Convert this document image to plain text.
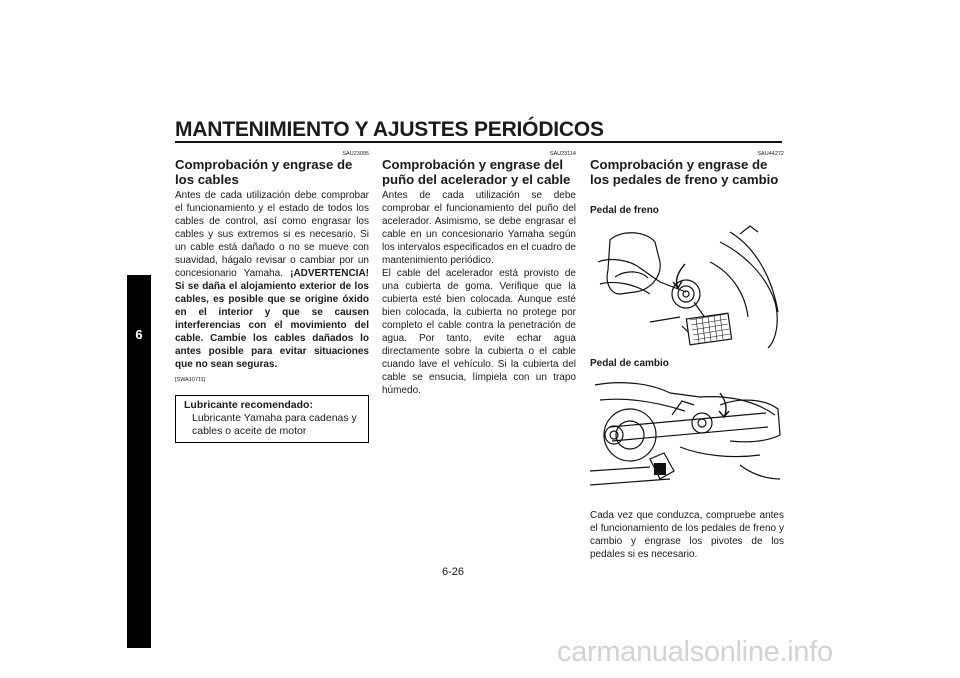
MANTENIMIENTO Y AJUSTES PERIÓDICOS
6
SAU23095
Comprobación y engrase de los cables

Antes de cada utilización debe comprobar el funcionamiento y el estado de todos los cables de control, así como engrasar los cables y sus extremos si es necesario. Si un cable está dañado o no se mueve con suavidad, hágalo revisar o cambiar por un concesionario Yamaha. ¡ADVERTENCIA! Si se daña el alojamiento exterior de los cables, es posible que se origine óxido en el interior y que se causen interferencias con el movimiento del cable. Cambie los cables dañados lo antes posible para evitar situaciones que no sean seguras.

[SWA10711]
Lubricante recomendado:
Lubricante Yamaha para cadenas y cables o aceite de motor
SAU23114
Comprobación y engrase del puño del acelerador y el cable

Antes de cada utilización se debe comprobar el funcionamiento del puño del acelerador. Asimismo, se debe engrasar el cable en un concesionario Yamaha según los intervalos especificados en el cuadro de mantenimiento periódico.

El cable del acelerador está provisto de una cubierta de goma. Verifique que la cubierta esté bien colocada. Aunque esté bien colocada, la cubierta no protege por completo el cable contra la penetración de agua. Por tanto, evite echar agua directamente sobre la cubierta o el cable cuando lave el vehículo. Si la cubierta del cable se ensucia, límpiela con un trapo húmedo.

SAU44272
Comprobación y engrase de los pedales de freno y cambio
Pedal de freno
Pedal de cambio

Cada vez que conduzca, compruebe antes el funcionamiento de los pedales de freno y cambio y engrase los pivotes de los pedales si es necesario.

6-26
carmanualsonline.info
